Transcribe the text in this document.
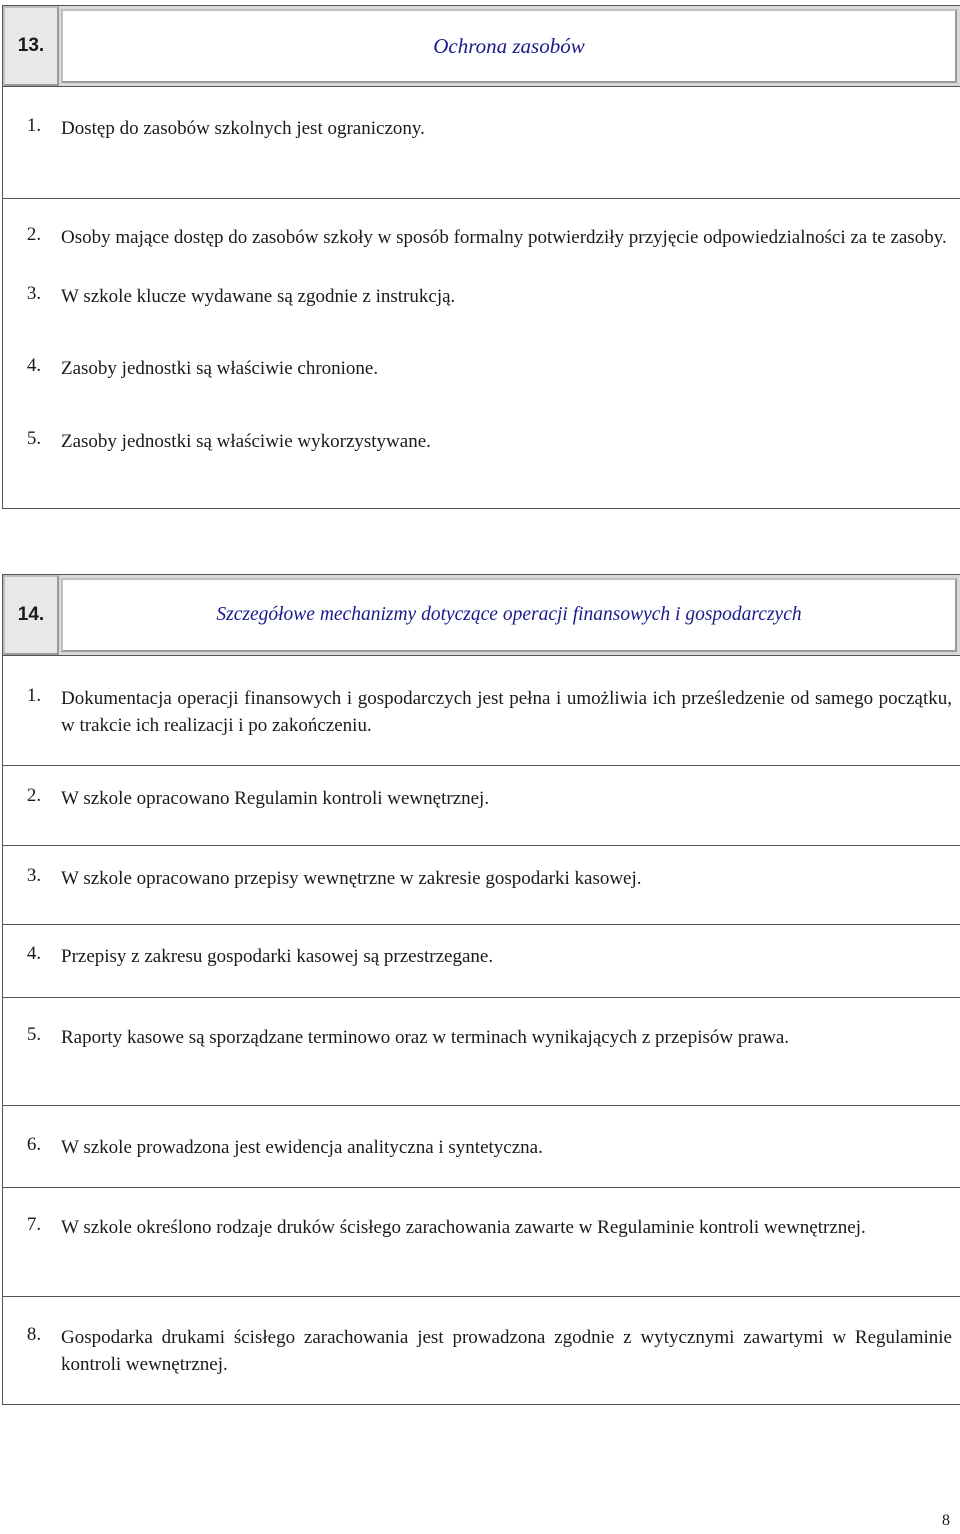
13.	Ochrona zasobów
1.	Dostęp do zasobów szkolnych jest ograniczony.
2.	Osoby mające dostęp do zasobów szkoły w sposób formalny potwierdziły przyjęcie odpowiedzialności za te zasoby.
3.	W szkole klucze wydawane są zgodnie z instrukcją.
4.	Zasoby jednostki są właściwie chronione.
5.	Zasoby jednostki są właściwie wykorzystywane.
14.	Szczegółowe mechanizmy dotyczące operacji finansowych i gospodarczych
1.	Dokumentacja operacji finansowych i gospodarczych jest pełna i umożliwia ich prześledzenie od samego początku, w trakcie ich realizacji i po zakończeniu.
2.	W szkole opracowano Regulamin kontroli wewnętrznej.
3.	W szkole opracowano przepisy wewnętrzne w zakresie gospodarki kasowej.
4.	Przepisy z zakresu gospodarki kasowej są przestrzegane.
5.	Raporty kasowe są sporządzane terminowo oraz w terminach wynikających z przepisów prawa.
6.	W szkole prowadzona jest ewidencja analityczna i syntetyczna.
7.	W szkole określono rodzaje druków ścisłego zarachowania zawarte w Regulaminie kontroli wewnętrznej.
8.	Gospodarka drukami ścisłego zarachowania jest prowadzona zgodnie z wytycznymi zawartymi w Regulaminie kontroli wewnętrznej.
8
